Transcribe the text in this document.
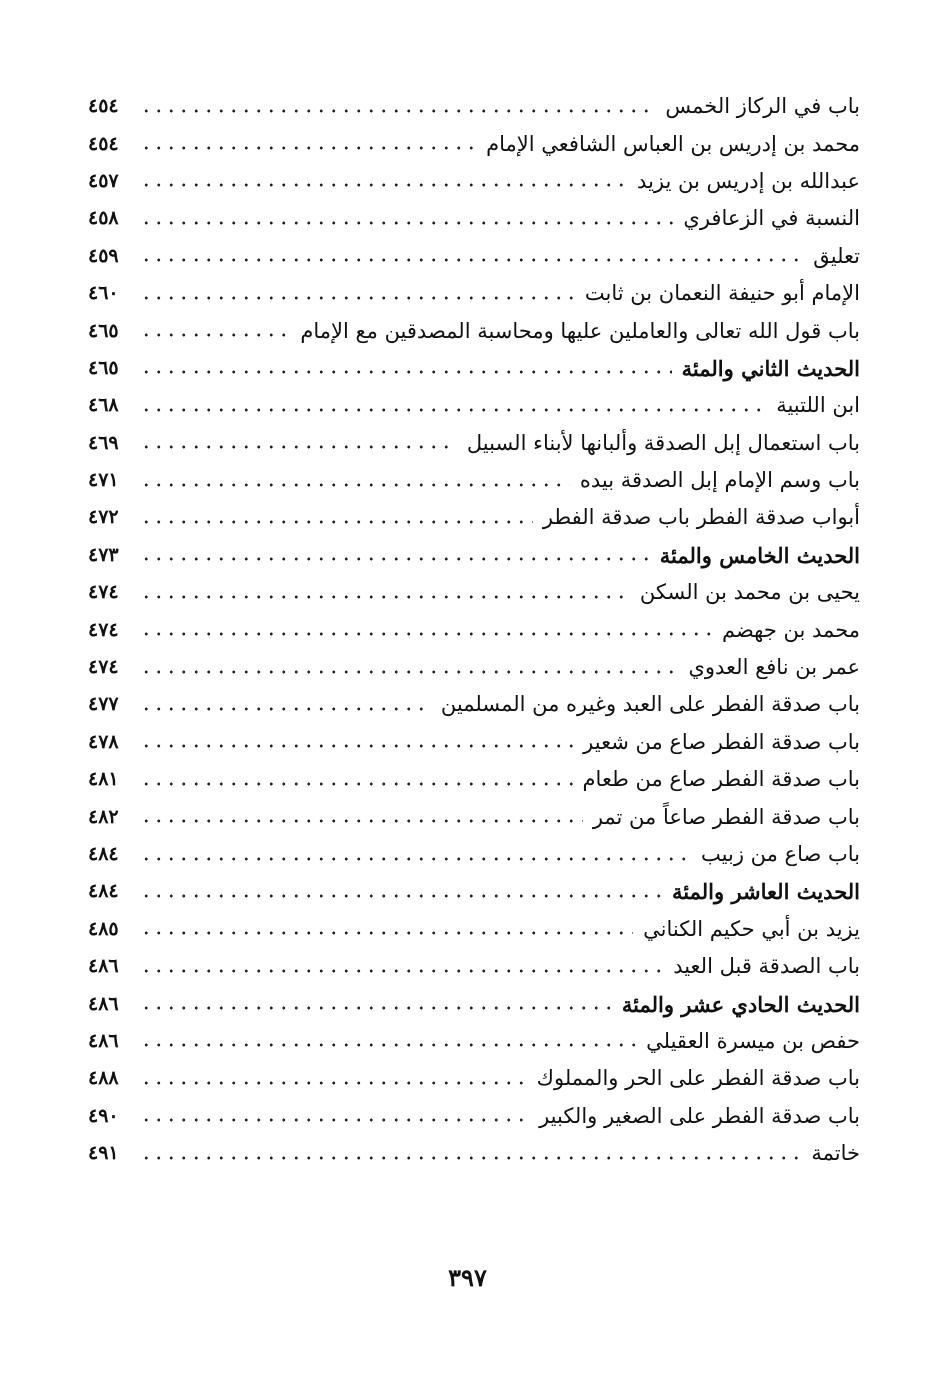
باب في الركاز الخمس
٤٥٤
محمد بن إدريس بن العباس الشافعي الإمام
٤٥٤
عبدالله بن إدريس بن يزيد
٤٥٧
النسبة في الزعافري
٤٥٨
تعليق
٤٥٩
الإمام أبو حنيفة النعمان بن ثابت
٤٦٠
باب قول الله تعالى والعاملين عليها ومحاسبة المصدقين مع الإمام
٤٦٥
الحديث الثاني والمئة
٤٦٥
ابن اللتبية
٤٦٨
باب استعمال إبل الصدقة وألبانها لأبناء السبيل
٤٦٩
باب وسم الإمام إبل الصدقة بيده
٤٧١
أبواب صدقة الفطر باب صدقة الفطر
٤٧٢
الحديث الخامس والمئة
٤٧٣
يحيى بن محمد بن السكن
٤٧٤
محمد بن جهضم
٤٧٤
عمر بن نافع العدوي
٤٧٤
باب صدقة الفطر على العبد وغيره من المسلمين
٤٧٧
باب صدقة الفطر صاع من شعير
٤٧٨
باب صدقة الفطر صاع من طعام
٤٨١
باب صدقة الفطر صاعاً من تمر
٤٨٢
باب صاع من زبيب
٤٨٤
الحديث العاشر والمئة
٤٨٤
يزيد بن أبي حكيم الكناني
٤٨٥
باب الصدقة قبل العيد
٤٨٦
الحديث الحادي عشر والمئة
٤٨٦
حفص بن ميسرة العقيلي
٤٨٦
باب صدقة الفطر على الحر والمملوك
٤٨٨
باب صدقة الفطر على الصغير والكبير
٤٩٠
خاتمة
٤٩١
٣٩٧
